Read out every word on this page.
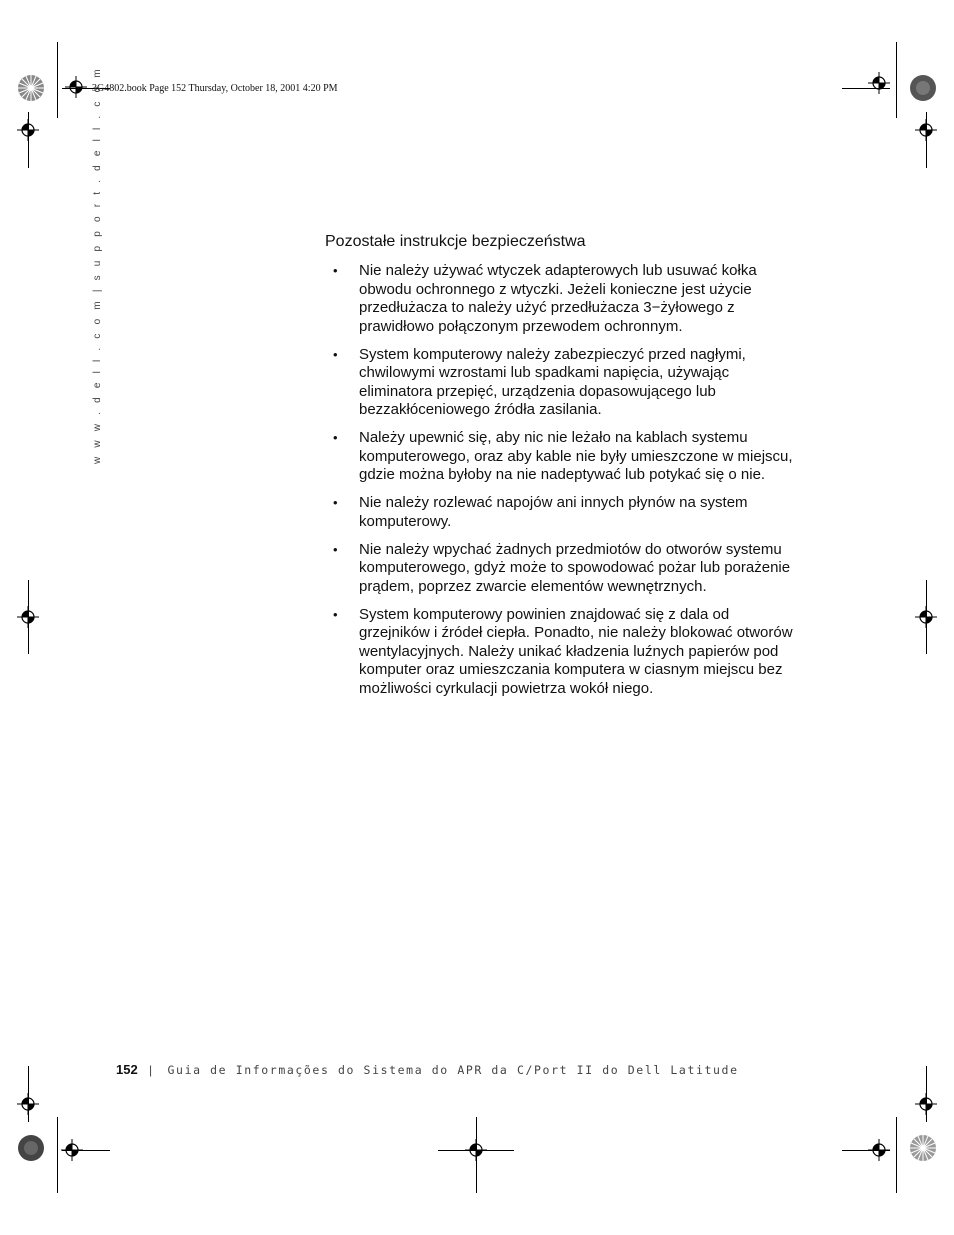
3G4802.book Page 152 Thursday, October 18, 2001 4:20 PM
w w w . d e l l . c o m | s u p p o r t . d e l l . c o m	Pozostałe instrukcje bezpieczeństwa
• Nie należy używać wtyczek adapterowych lub usuwać kołka
obwodu ochronnego z wtyczki. Jeżeli konieczne jest użycie
przedłużacza to należy użyć przedłużacza 3−żyłowego z
prawidłowo połączonym przewodem ochronnym.
• System komputerowy należy zabezpieczyć przed nagłymi,
chwilowymi wzrostami lub spadkami napięcia, używając
eliminatora przepięć, urządzenia dopasowującego lub
bezzakłóceniowego źródła zasilania.
• Należy upewnić się, aby nic nie leżało na kablach systemu
komputerowego, oraz aby kable nie były umieszczone w miejscu,
gdzie można byłoby na nie nadeptywać lub potykać się o nie.
• Nie należy rozlewać napojów ani innych płynów na system
komputerowy.
• Nie należy wpychać żadnych przedmiotów do otworów systemu
komputerowego, gdyż może to spowodować pożar lub porażenie
prądem, poprzez zwarcie elementów wewnętrznych.
• System komputerowy powinien znajdować się z dala od
grzejników i źródeł ciepła. Ponadto, nie należy blokować otworów
wentylacyjnych. Należy unikać kładzenia luźnych papierów pod
komputer oraz umieszczania komputera w ciasnym miejscu bez
możliwości cyrkulacji powietrza wokół niego.
152 | Guia de Informações do Sistema do APR da C/Port II do Dell Latitude
